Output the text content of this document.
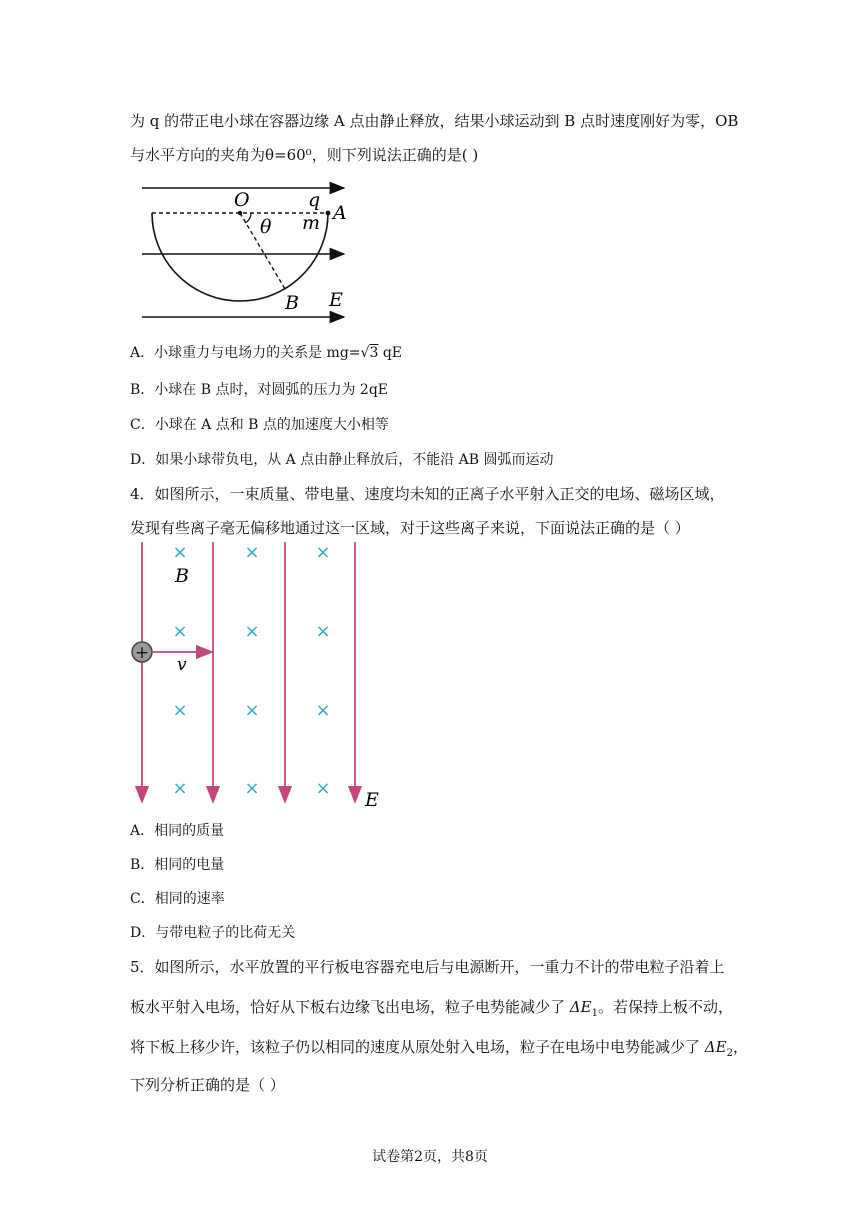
为 q 的带正电小球在容器边缘 A 点由静止释放，结果小球运动到 B 点时速度刚好为零，OB
与水平方向的夹角为θ=60⁰，则下列说法正确的是( )
O	q
A
m
θ
B E
A．小球重力与电场力的关系是 mg=√3 qE
B．小球在 B 点时，对圆弧的压力为 2qE
C．小球在 A 点和 B 点的加速度大小相等
D．如果小球带负电，从 A 点由静止释放后，不能沿 AB 圆弧而运动
4．如图所示，一束质量、带电量、速度均未知的正离子水平射入正交的电场、磁场区域，
发现有些离子毫无偏移地通过这一区域，对于这些离子来说，下面说法正确的是（ ）
×	×	×
×	×	×
×	×	×
×	×	×
+
B
v
E
A．相同的质量
B．相同的电量
C．相同的速率
D．与带电粒子的比荷无关
5．如图所示，水平放置的平行板电容器充电后与电源断开，一重力不计的带电粒子沿着上
板水平射入电场，恰好从下板右边缘飞出电场，粒子电势能减少了 $\Delta E_1$。若保持上板不动，
将下板上移少许，该粒子仍以相同的速度从原处射入电场，粒子在电场中电势能减少了 $\Delta E_2$，
下列分析正确的是（ ）
试卷第2页，共8页
